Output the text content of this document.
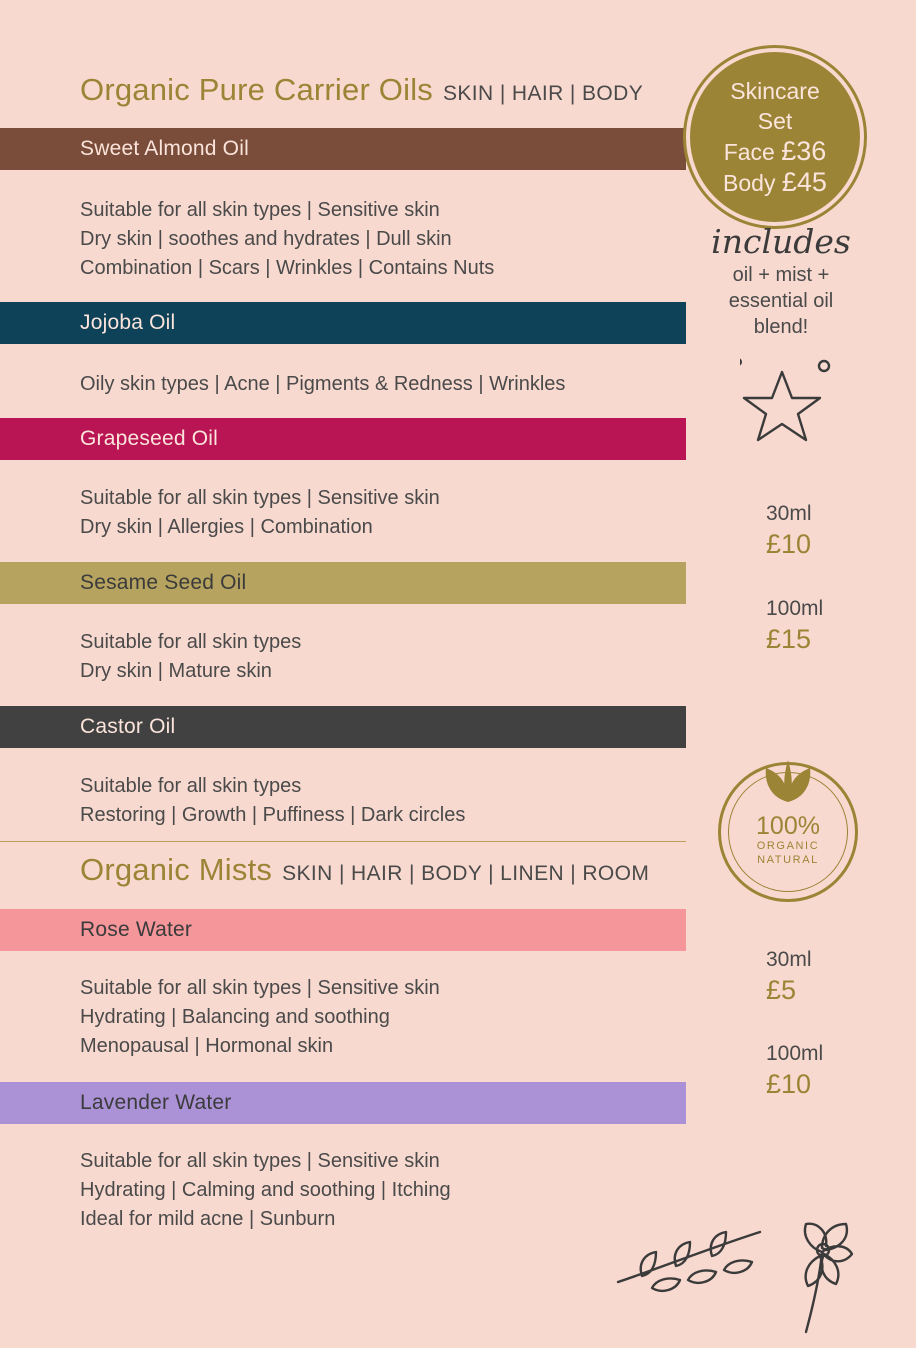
Organic Pure Carrier Oils SKIN | HAIR | BODY
Sweet Almond Oil
Suitable for all skin types | Sensitive skin
Dry skin | soothes and hydrates | Dull skin
Combination | Scars | Wrinkles | Contains Nuts
Jojoba Oil
Oily skin types | Acne | Pigments & Redness | Wrinkles
Grapeseed Oil
Suitable for all skin types | Sensitive skin
Dry skin | Allergies | Combination
Sesame Seed Oil
Suitable for all skin types
Dry skin | Mature skin
Castor Oil
Suitable for all skin types
Restoring | Growth | Puffiness | Dark circles
Organic Mists SKIN | HAIR | BODY | LINEN | ROOM
Rose Water
Suitable for all skin types | Sensitive skin
Hydrating | Balancing and soothing
Menopausal | Hormonal skin
Lavender Water
Suitable for all skin types | Sensitive skin
Hydrating | Calming and soothing | Itching
Ideal for mild acne | Sunburn
Skincare
Set
Face £36
Body £45
includes
oil + mist +
essential oil
blend!
30ml
£10
100ml
£15
100%
ORGANIC
NATURAL
30ml
£5
100ml
£10
